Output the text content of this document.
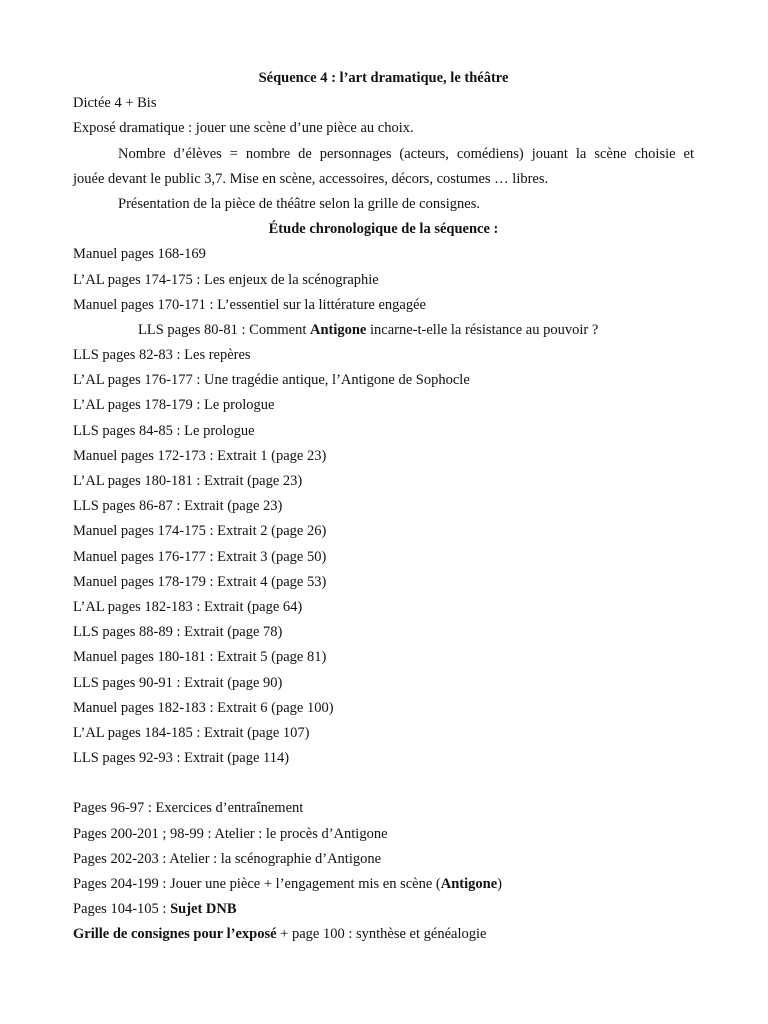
Séquence 4 : l’art dramatique, le théâtre
Dictée 4 + Bis
Exposé dramatique : jouer une scène d’une pièce au choix.
Nombre d’élèves = nombre de personnages (acteurs, comédiens) jouant la scène choisie et
jouée devant le public 3,7. Mise en scène, accessoires, décors, costumes … libres.
Présentation de la pièce de théâtre selon la grille de consignes.
Étude chronologique de la séquence :
Manuel pages 168-169
L’AL pages 174-175 : Les enjeux de la scénographie
Manuel pages 170-171 : L’essentiel sur la littérature engagée
LLS pages 80-81 : Comment Antigone incarne-t-elle la résistance au pouvoir ?
LLS pages 82-83 : Les repères
L’AL pages 176-177 : Une tragédie antique, l’Antigone de Sophocle
L’AL pages 178-179 : Le prologue
LLS pages 84-85 : Le prologue
Manuel pages 172-173 : Extrait 1 (page 23)
L’AL pages 180-181 : Extrait (page 23)
LLS pages 86-87 : Extrait (page 23)
Manuel pages 174-175 : Extrait 2 (page 26)
Manuel pages 176-177 : Extrait 3 (page 50)
Manuel pages 178-179 : Extrait 4 (page 53)
L’AL pages 182-183 : Extrait (page 64)
LLS pages 88-89 : Extrait (page 78)
Manuel pages 180-181 : Extrait 5 (page 81)
LLS pages 90-91 : Extrait (page 90)
Manuel pages 182-183 : Extrait 6 (page 100)
L’AL pages 184-185 : Extrait (page 107)
LLS pages 92-93 : Extrait (page 114)
Pages 96-97 : Exercices d’entraînement
Pages 200-201 ; 98-99 : Atelier : le procès d’Antigone
Pages 202-203 : Atelier : la scénographie d’Antigone
Pages 204-199 : Jouer une pièce + l’engagement mis en scène (Antigone)
Pages 104-105 : Sujet DNB
Grille de consignes pour l’exposé + page 100 : synthèse et généalogie
